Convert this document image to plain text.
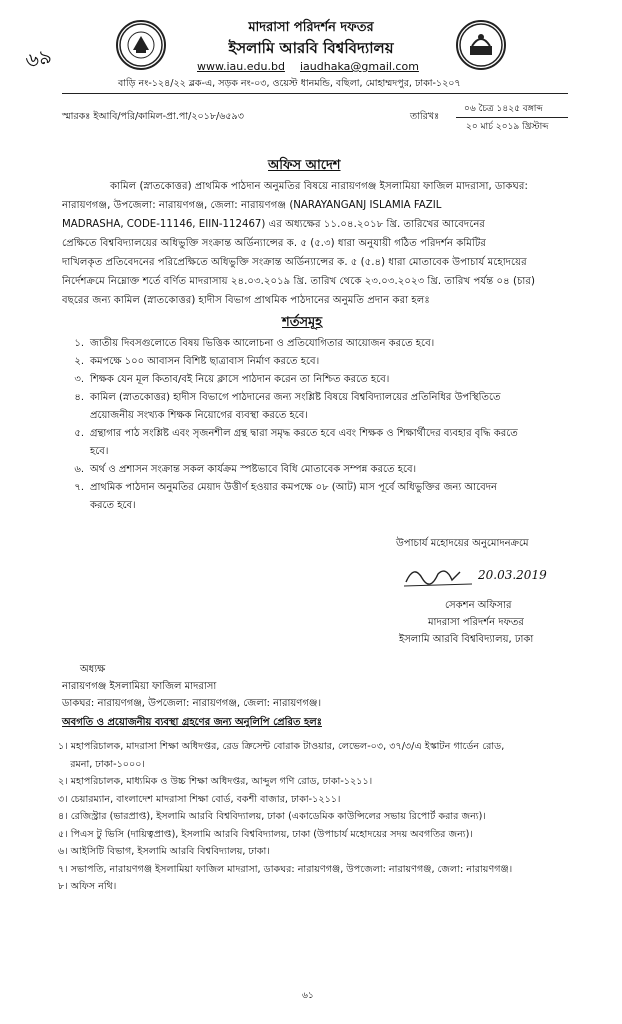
৬৯
মাদরাসা পরিদর্শন দফতর
ইসলামি আরবি বিশ্ববিদ্যালয়
www.iau.edu.bd iaudhaka@gmail.com
বাড়ি নং-১২৪/২২ ব্লক-এ, সড়ক নং-০৩, ওয়েস্ট ধানমন্ডি, বছিলা, মোহাম্মদপুর, ঢাকা-১২০৭
স্মারকঃ ইআবি/পরি/কামিল-প্রা.পা/২০১৮/৬৫৯৩	তারিখঃ
০৬ চৈত্র ১৪২৫ বঙ্গাব্দ
২০ মার্চ ২০১৯ খ্রিস্টাব্দ
অফিস আদেশ
কামিল (স্নাতকোত্তর) প্রাথমিক পাঠদান অনুমতির বিষয়ে নারায়ণগঞ্জ ইসলামিয়া ফাজিল মাদরাসা, ডাকঘর:
নারায়ণগঞ্জ, উপজেলা: নারায়ণগঞ্জ, জেলা: নারায়ণগঞ্জ (NARAYANGANJ ISLAMIA FAZIL
MADRASHA, CODE-11146, EIIN-112467) এর অধ্যক্ষের ১১.০৪.২০১৮ খ্রি. তারিখের আবেদনের
প্রেক্ষিতে বিশ্ববিদ্যালয়ের অধিভুক্তি সংক্রান্ত অর্ডিন্যান্সের ক. ৫ (৫.৩) ধারা অনুযায়ী গঠিত পরিদর্শন কমিটির
দাখিলকৃত প্রতিবেদনের পরিপ্রেক্ষিতে অধিভুক্তি সংক্রান্ত অর্ডিন্যান্সের ক. ৫ (৫.৪) ধারা মোতাবেক উপাচার্য মহোদয়ের
নির্দেশক্রমে নিম্নোক্ত শর্তে বর্ণিত মাদরাসায় ২৪.০৩.২০১৯ খ্রি. তারিখ থেকে ২৩.০৩.২০২৩ খ্রি. তারিখ পর্যন্ত ০৪ (চার)
বছরের জন্য কামিল (স্নাতকোত্তর) হাদীস বিভাগ প্রাথমিক পাঠদানের অনুমতি প্রদান করা হলঃ
শর্তসমূহ
১. জাতীয় দিবসগুলোতে বিষয় ভিত্তিক আলোচনা ও প্রতিযোগিতার আয়োজন করতে হবে।
২. কমপক্ষে ১০০ আবাসন বিশিষ্ট ছাত্রাবাস নির্মাণ করতে হবে।
৩. শিক্ষক যেন মূল কিতাব/বই নিয়ে ক্লাসে পাঠদান করেন তা নিশ্চিত করতে হবে।
৪. কামিল (স্নাতকোত্তর) হাদীস বিভাগে পাঠদানের জন্য সংশ্লিষ্ট বিষয়ে বিশ্ববিদ্যালয়ের প্রতিনিধির উপস্থিতিতে
প্রয়োজনীয় সংখ্যক শিক্ষক নিয়োগের ব্যবস্থা করতে হবে।
৫. গ্রন্থাগার পাঠ সংশ্লিষ্ট এবং সৃজনশীল গ্রন্থ দ্বারা সমৃদ্ধ করতে হবে এবং শিক্ষক ও শিক্ষার্থীদের ব্যবহার বৃদ্ধি করতে
হবে।
৬. অর্থ ও প্রশাসন সংক্রান্ত সকল কার্যক্রম স্পষ্টভাবে বিধি মোতাবেক সম্পন্ন করতে হবে।
৭. প্রাথমিক পাঠদান অনুমতির মেয়াদ উত্তীর্ণ হওয়ার কমপক্ষে ০৮ (আট) মাস পূর্বে অধিভুক্তির জন্য আবেদন
করতে হবে।
উপাচার্য মহোদয়ের অনুমোদনক্রমে
20.03.2019
সেকশন অফিসার
মাদরাসা পরিদর্শন দফতর
ইসলামি আরবি বিশ্ববিদ্যালয়, ঢাকা
অধ্যক্ষ
নারায়ণগঞ্জ ইসলামিয়া ফাজিল মাদরাসা
ডাকঘর: নারায়ণগঞ্জ, উপজেলা: নারায়ণগঞ্জ, জেলা: নারায়ণগঞ্জ।
অবগতি ও প্রয়োজনীয় ব্যবস্থা গ্রহণের জন্য অনুলিপি প্রেরিত হলঃ
১। মহাপরিচালক, মাদরাসা শিক্ষা অধিদপ্তর, রেড ক্রিসেন্ট বোরাক টাওয়ার, লেভেল-০৩, ৩৭/৩/এ ইস্কাটন গার্ডেন রোড,
রমনা, ঢাকা-১০০০।
২। মহাপরিচালক, মাধ্যমিক ও উচ্চ শিক্ষা অধিদপ্তর, আব্দুল গণি রোড, ঢাকা-১২১১।
৩। চেয়ারম্যান, বাংলাদেশ মাদরাসা শিক্ষা বোর্ড, বকশী বাজার, ঢাকা-১২১১।
৪। রেজিস্ট্রার (ভারপ্রাপ্ত), ইসলামি আরবি বিশ্ববিদ্যালয়, ঢাকা (একাডেমিক কাউন্সিলের সভায় রিপোর্ট করার জন্য)।
৫। পিএস টু ভিসি (দায়িত্বপ্রাপ্ত), ইসলামি আরবি বিশ্ববিদ্যালয়, ঢাকা (উপাচার্য মহোদয়ের সদয় অবগতির জন্য)।
৬। আইসিটি বিভাগ, ইসলামি আরবি বিশ্ববিদ্যালয়, ঢাকা।
৭। সভাপতি, নারায়ণগঞ্জ ইসলামিয়া ফাজিল মাদরাসা, ডাকঘর: নারায়ণগঞ্জ, উপজেলা: নারায়ণগঞ্জ, জেলা: নারায়ণগঞ্জ।
৮। অফিস নথি।
৬১
